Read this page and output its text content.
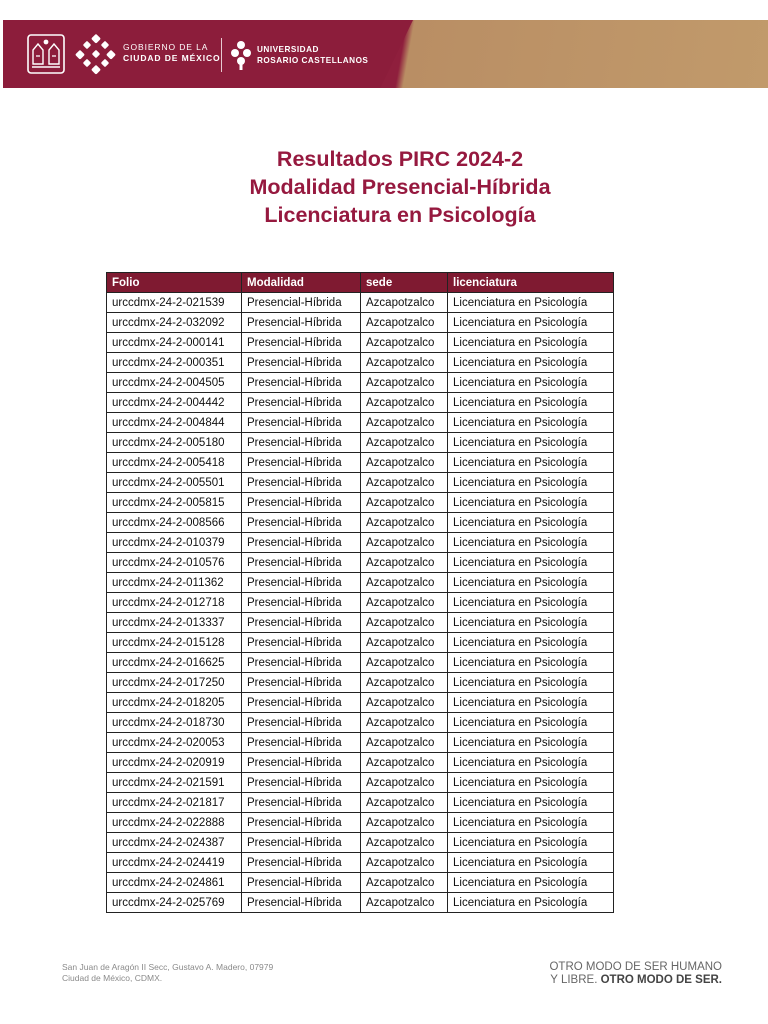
GOBIERNO DE LA
CIUDAD DE MÉXICO
UNIVERSIDAD
ROSARIO CASTELLANOS
Resultados PIRC 2024-2
Modalidad Presencial-Híbrida
Licenciatura en Psicología
Folio	Modalidad	sede	licenciatura
urccdmx-24-2-021539	Presencial-Híbrida	Azcapotzalco	Licenciatura en Psicología
urccdmx-24-2-032092	Presencial-Híbrida	Azcapotzalco	Licenciatura en Psicología
urccdmx-24-2-000141	Presencial-Híbrida	Azcapotzalco	Licenciatura en Psicología
urccdmx-24-2-000351	Presencial-Híbrida	Azcapotzalco	Licenciatura en Psicología
urccdmx-24-2-004505	Presencial-Híbrida	Azcapotzalco	Licenciatura en Psicología
urccdmx-24-2-004442	Presencial-Híbrida	Azcapotzalco	Licenciatura en Psicología
urccdmx-24-2-004844	Presencial-Híbrida	Azcapotzalco	Licenciatura en Psicología
urccdmx-24-2-005180	Presencial-Híbrida	Azcapotzalco	Licenciatura en Psicología
urccdmx-24-2-005418	Presencial-Híbrida	Azcapotzalco	Licenciatura en Psicología
urccdmx-24-2-005501	Presencial-Híbrida	Azcapotzalco	Licenciatura en Psicología
urccdmx-24-2-005815	Presencial-Híbrida	Azcapotzalco	Licenciatura en Psicología
urccdmx-24-2-008566	Presencial-Híbrida	Azcapotzalco	Licenciatura en Psicología
urccdmx-24-2-010379	Presencial-Híbrida	Azcapotzalco	Licenciatura en Psicología
urccdmx-24-2-010576	Presencial-Híbrida	Azcapotzalco	Licenciatura en Psicología
urccdmx-24-2-011362	Presencial-Híbrida	Azcapotzalco	Licenciatura en Psicología
urccdmx-24-2-012718	Presencial-Híbrida	Azcapotzalco	Licenciatura en Psicología
urccdmx-24-2-013337	Presencial-Híbrida	Azcapotzalco	Licenciatura en Psicología
urccdmx-24-2-015128	Presencial-Híbrida	Azcapotzalco	Licenciatura en Psicología
urccdmx-24-2-016625	Presencial-Híbrida	Azcapotzalco	Licenciatura en Psicología
urccdmx-24-2-017250	Presencial-Híbrida	Azcapotzalco	Licenciatura en Psicología
urccdmx-24-2-018205	Presencial-Híbrida	Azcapotzalco	Licenciatura en Psicología
urccdmx-24-2-018730	Presencial-Híbrida	Azcapotzalco	Licenciatura en Psicología
urccdmx-24-2-020053	Presencial-Híbrida	Azcapotzalco	Licenciatura en Psicología
urccdmx-24-2-020919	Presencial-Híbrida	Azcapotzalco	Licenciatura en Psicología
urccdmx-24-2-021591	Presencial-Híbrida	Azcapotzalco	Licenciatura en Psicología
urccdmx-24-2-021817	Presencial-Híbrida	Azcapotzalco	Licenciatura en Psicología
urccdmx-24-2-022888	Presencial-Híbrida	Azcapotzalco	Licenciatura en Psicología
urccdmx-24-2-024387	Presencial-Híbrida	Azcapotzalco	Licenciatura en Psicología
urccdmx-24-2-024419	Presencial-Híbrida	Azcapotzalco	Licenciatura en Psicología
urccdmx-24-2-024861	Presencial-Híbrida	Azcapotzalco	Licenciatura en Psicología
urccdmx-24-2-025769	Presencial-Híbrida	Azcapotzalco	Licenciatura en Psicología
San Juan de Aragón II Secc, Gustavo A. Madero, 07979
Ciudad de México, CDMX.
OTRO MODO DE SER HUMANO
Y LIBRE. OTRO MODO DE SER.
